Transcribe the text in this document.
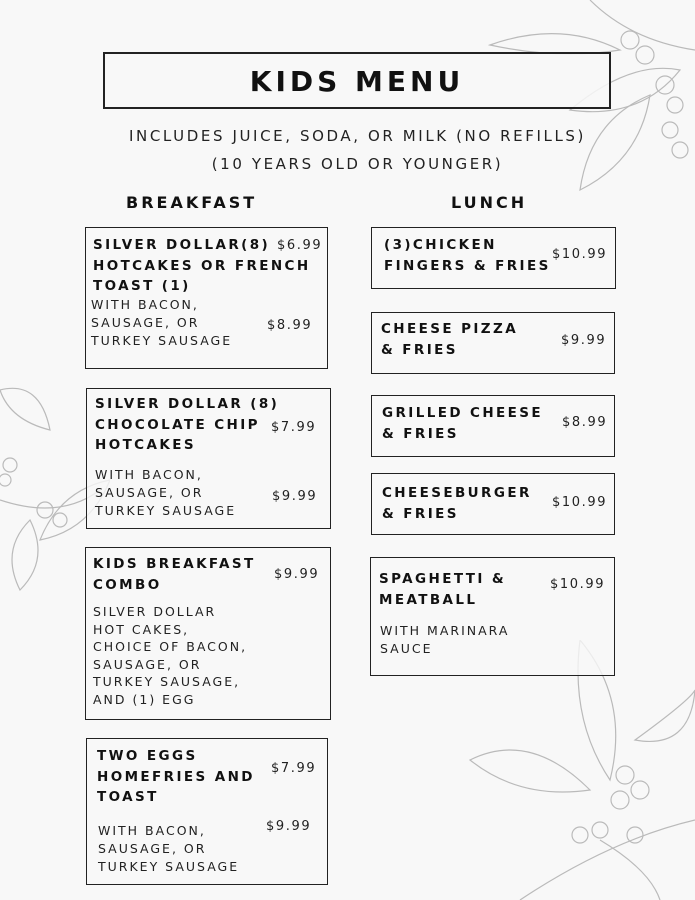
KIDS MENU
INCLUDES JUICE, SODA, OR MILK (NO REFILLS)
(10 YEARS OLD OR YOUNGER)
BREAKFAST	LUNCH
SILVER DOLLAR(8)
HOTCAKES OR FRENCH
TOAST (1)
$6.99
WITH BACON,
SAUSAGE, OR
TURKEY SAUSAGE
$8.99
SILVER DOLLAR (8)
CHOCOLATE CHIP
HOTCAKES
$7.99
WITH BACON,
SAUSAGE, OR
TURKEY SAUSAGE
$9.99
KIDS BREAKFAST
COMBO
$9.99
SILVER DOLLAR
HOT CAKES,
CHOICE OF BACON,
SAUSAGE, OR
TURKEY SAUSAGE,
AND (1) EGG
TWO EGGS
HOMEFRIES AND
TOAST
$7.99
WITH BACON,
SAUSAGE, OR
TURKEY SAUSAGE
$9.99
(3)CHICKEN
FINGERS & FRIES
$10.99
CHEESE PIZZA
& FRIES
$9.99
GRILLED CHEESE
& FRIES
$8.99
CHEESEBURGER
& FRIES
$10.99
SPAGHETTI &
MEATBALL
$10.99
WITH MARINARA
SAUCE
